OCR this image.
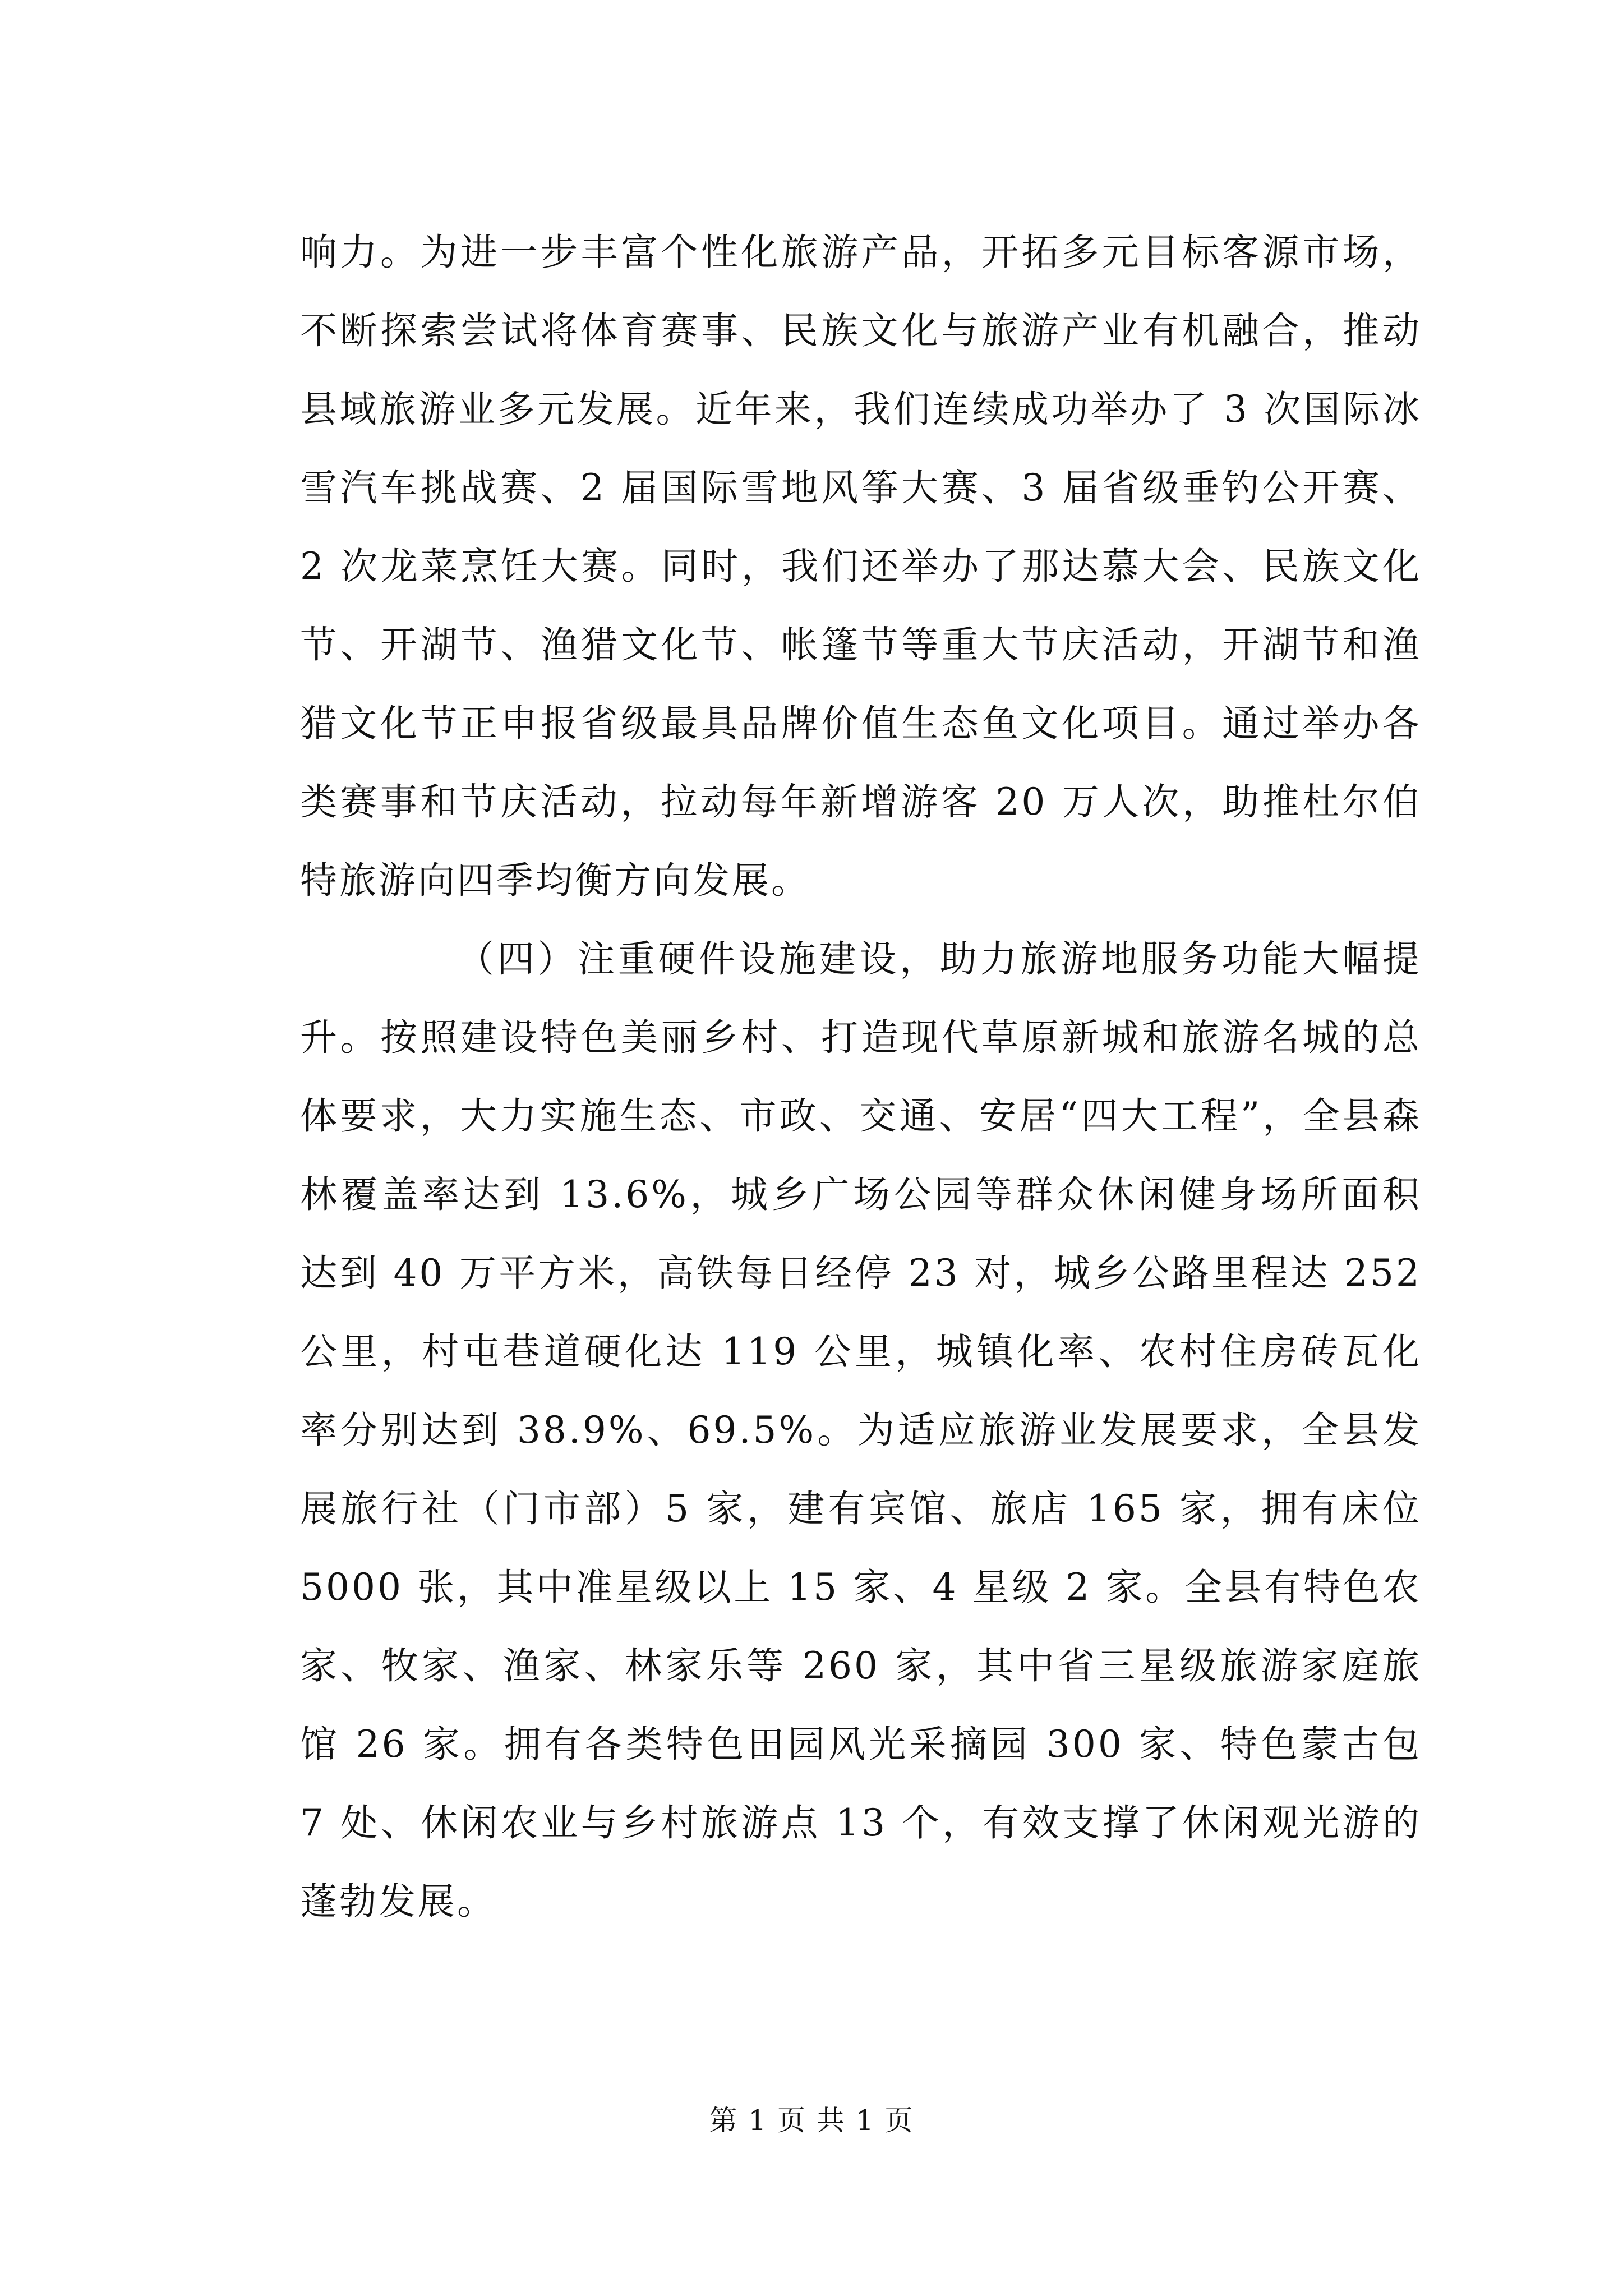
响力。为进一步丰富个性化旅游产品，开拓多元目标客源市场，不断探索尝试将体育赛事、民族文化与旅游产业有机融合，推动县域旅游业多元发展。近年来，我们连续成功举办了 3 次国际冰雪汽车挑战赛、2 届国际雪地风筝大赛、3 届省级垂钓公开赛、2 次龙菜烹饪大赛。同时，我们还举办了那达慕大会、民族文化节、开湖节、渔猎文化节、帐篷节等重大节庆活动，开湖节和渔猎文化节正申报省级最具品牌价值生态鱼文化项目。通过举办各类赛事和节庆活动，拉动每年新增游客 20 万人次，助推杜尔伯特旅游向四季均衡方向发展。

（四）注重硬件设施建设，助力旅游地服务功能大幅提升。按照建设特色美丽乡村、打造现代草原新城和旅游名城的总体要求，大力实施生态、市政、交通、安居“四大工程”，全县森林覆盖率达到 13.6%，城乡广场公园等群众休闲健身场所面积达到 40 万平方米，高铁每日经停 23 对，城乡公路里程达 252 公里，村屯巷道硬化达 119 公里，城镇化率、农村住房砖瓦化率分别达到 38.9%、69.5%。为适应旅游业发展要求，全县发展旅行社（门市部）5 家，建有宾馆、旅店 165 家，拥有床位 5000 张，其中准星级以上 15 家、4 星级 2 家。全县有特色农家、牧家、渔家、林家乐等 260 家，其中省三星级旅游家庭旅馆 26 家。拥有各类特色田园风光采摘园 300 家、特色蒙古包 7 处、休闲农业与乡村旅游点 13 个，有效支撑了休闲观光游的蓬勃发展。

第 1 页 共 1 页
